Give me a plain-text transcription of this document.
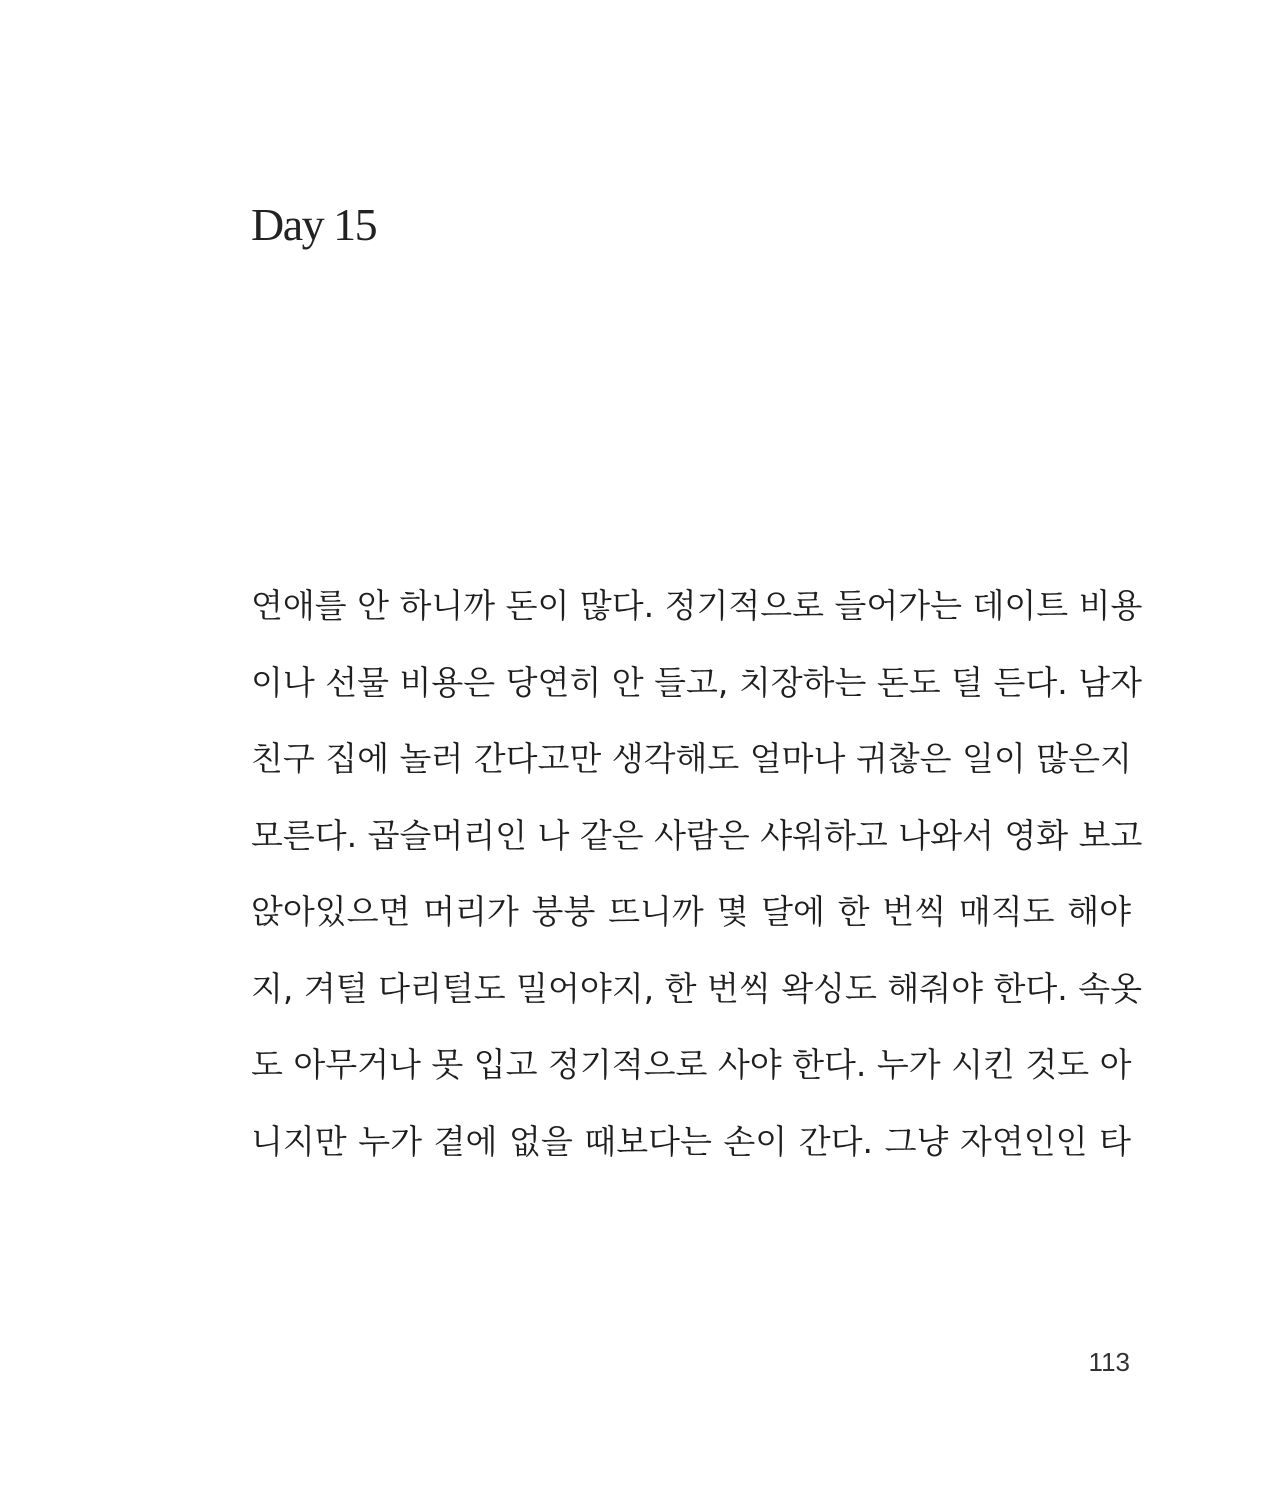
Day 15
연애를 안 하니까 돈이 많다. 정기적으로 들어가는 데이트 비용
이나 선물 비용은 당연히 안 들고, 치장하는 돈도 덜 든다. 남자
친구 집에 놀러 간다고만 생각해도 얼마나 귀찮은 일이 많은지
모른다. 곱슬머리인 나 같은 사람은 샤워하고 나와서 영화 보고
앉아있으면 머리가 붕붕 뜨니까 몇 달에 한 번씩 매직도 해야
지, 겨털 다리털도 밀어야지, 한 번씩 왁싱도 해줘야 한다. 속옷
도 아무거나 못 입고 정기적으로 사야 한다. 누가 시킨 것도 아
니지만 누가 곁에 없을 때보다는 손이 간다. 그냥 자연인인 타
113
